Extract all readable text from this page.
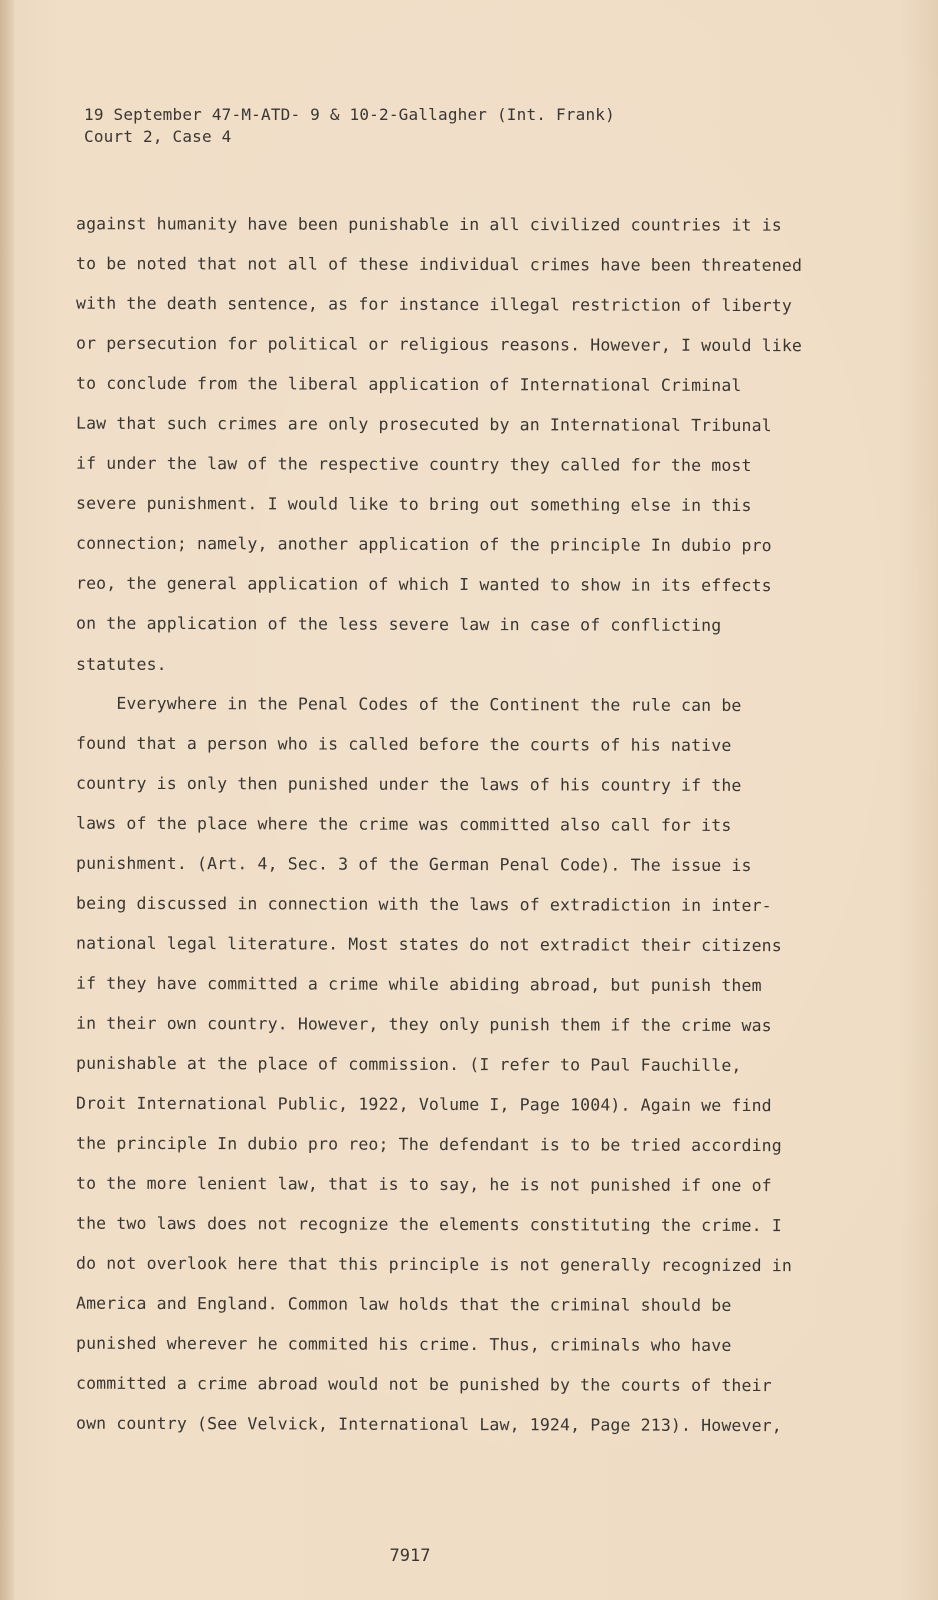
19 September 47-M-ATD- 9 & 10-2-Gallagher (Int. Frank)
Court 2, Case 4
against humanity have been punishable in all civilized countries it is
to be noted that not all of these individual crimes have been threatened
with the death sentence, as for instance illegal restriction of liberty
or persecution for political or religious reasons. However, I would like
to conclude from the liberal application of International Criminal
Law that such crimes are only prosecuted by an International Tribunal
if under the law of the respective country they called for the most
severe punishment. I would like to bring out something else in this
connection; namely, another application of the principle In dubio pro
reo, the general application of which I wanted to show in its effects
on the application of the less severe law in case of conflicting
statutes.
Everywhere in the Penal Codes of the Continent the rule can be
found that a person who is called before the courts of his native
country is only then punished under the laws of his country if the
laws of the place where the crime was committed also call for its
punishment. (Art. 4, Sec. 3 of the German Penal Code). The issue is
being discussed in connection with the laws of extradiction in inter-
national legal literature. Most states do not extradict their citizens
if they have committed a crime while abiding abroad, but punish them
in their own country. However, they only punish them if the crime was
punishable at the place of commission. (I refer to Paul Fauchille,
Droit International Public, 1922, Volume I, Page 1004). Again we find
the principle In dubio pro reo; The defendant is to be tried according
to the more lenient law, that is to say, he is not punished if one of
the two laws does not recognize the elements constituting the crime. I
do not overlook here that this principle is not generally recognized in
America and England. Common law holds that the criminal should be
punished wherever he commited his crime. Thus, criminals who have
committed a crime abroad would not be punished by the courts of their
own country (See Velvick, International Law, 1924, Page 213). However,
7917
